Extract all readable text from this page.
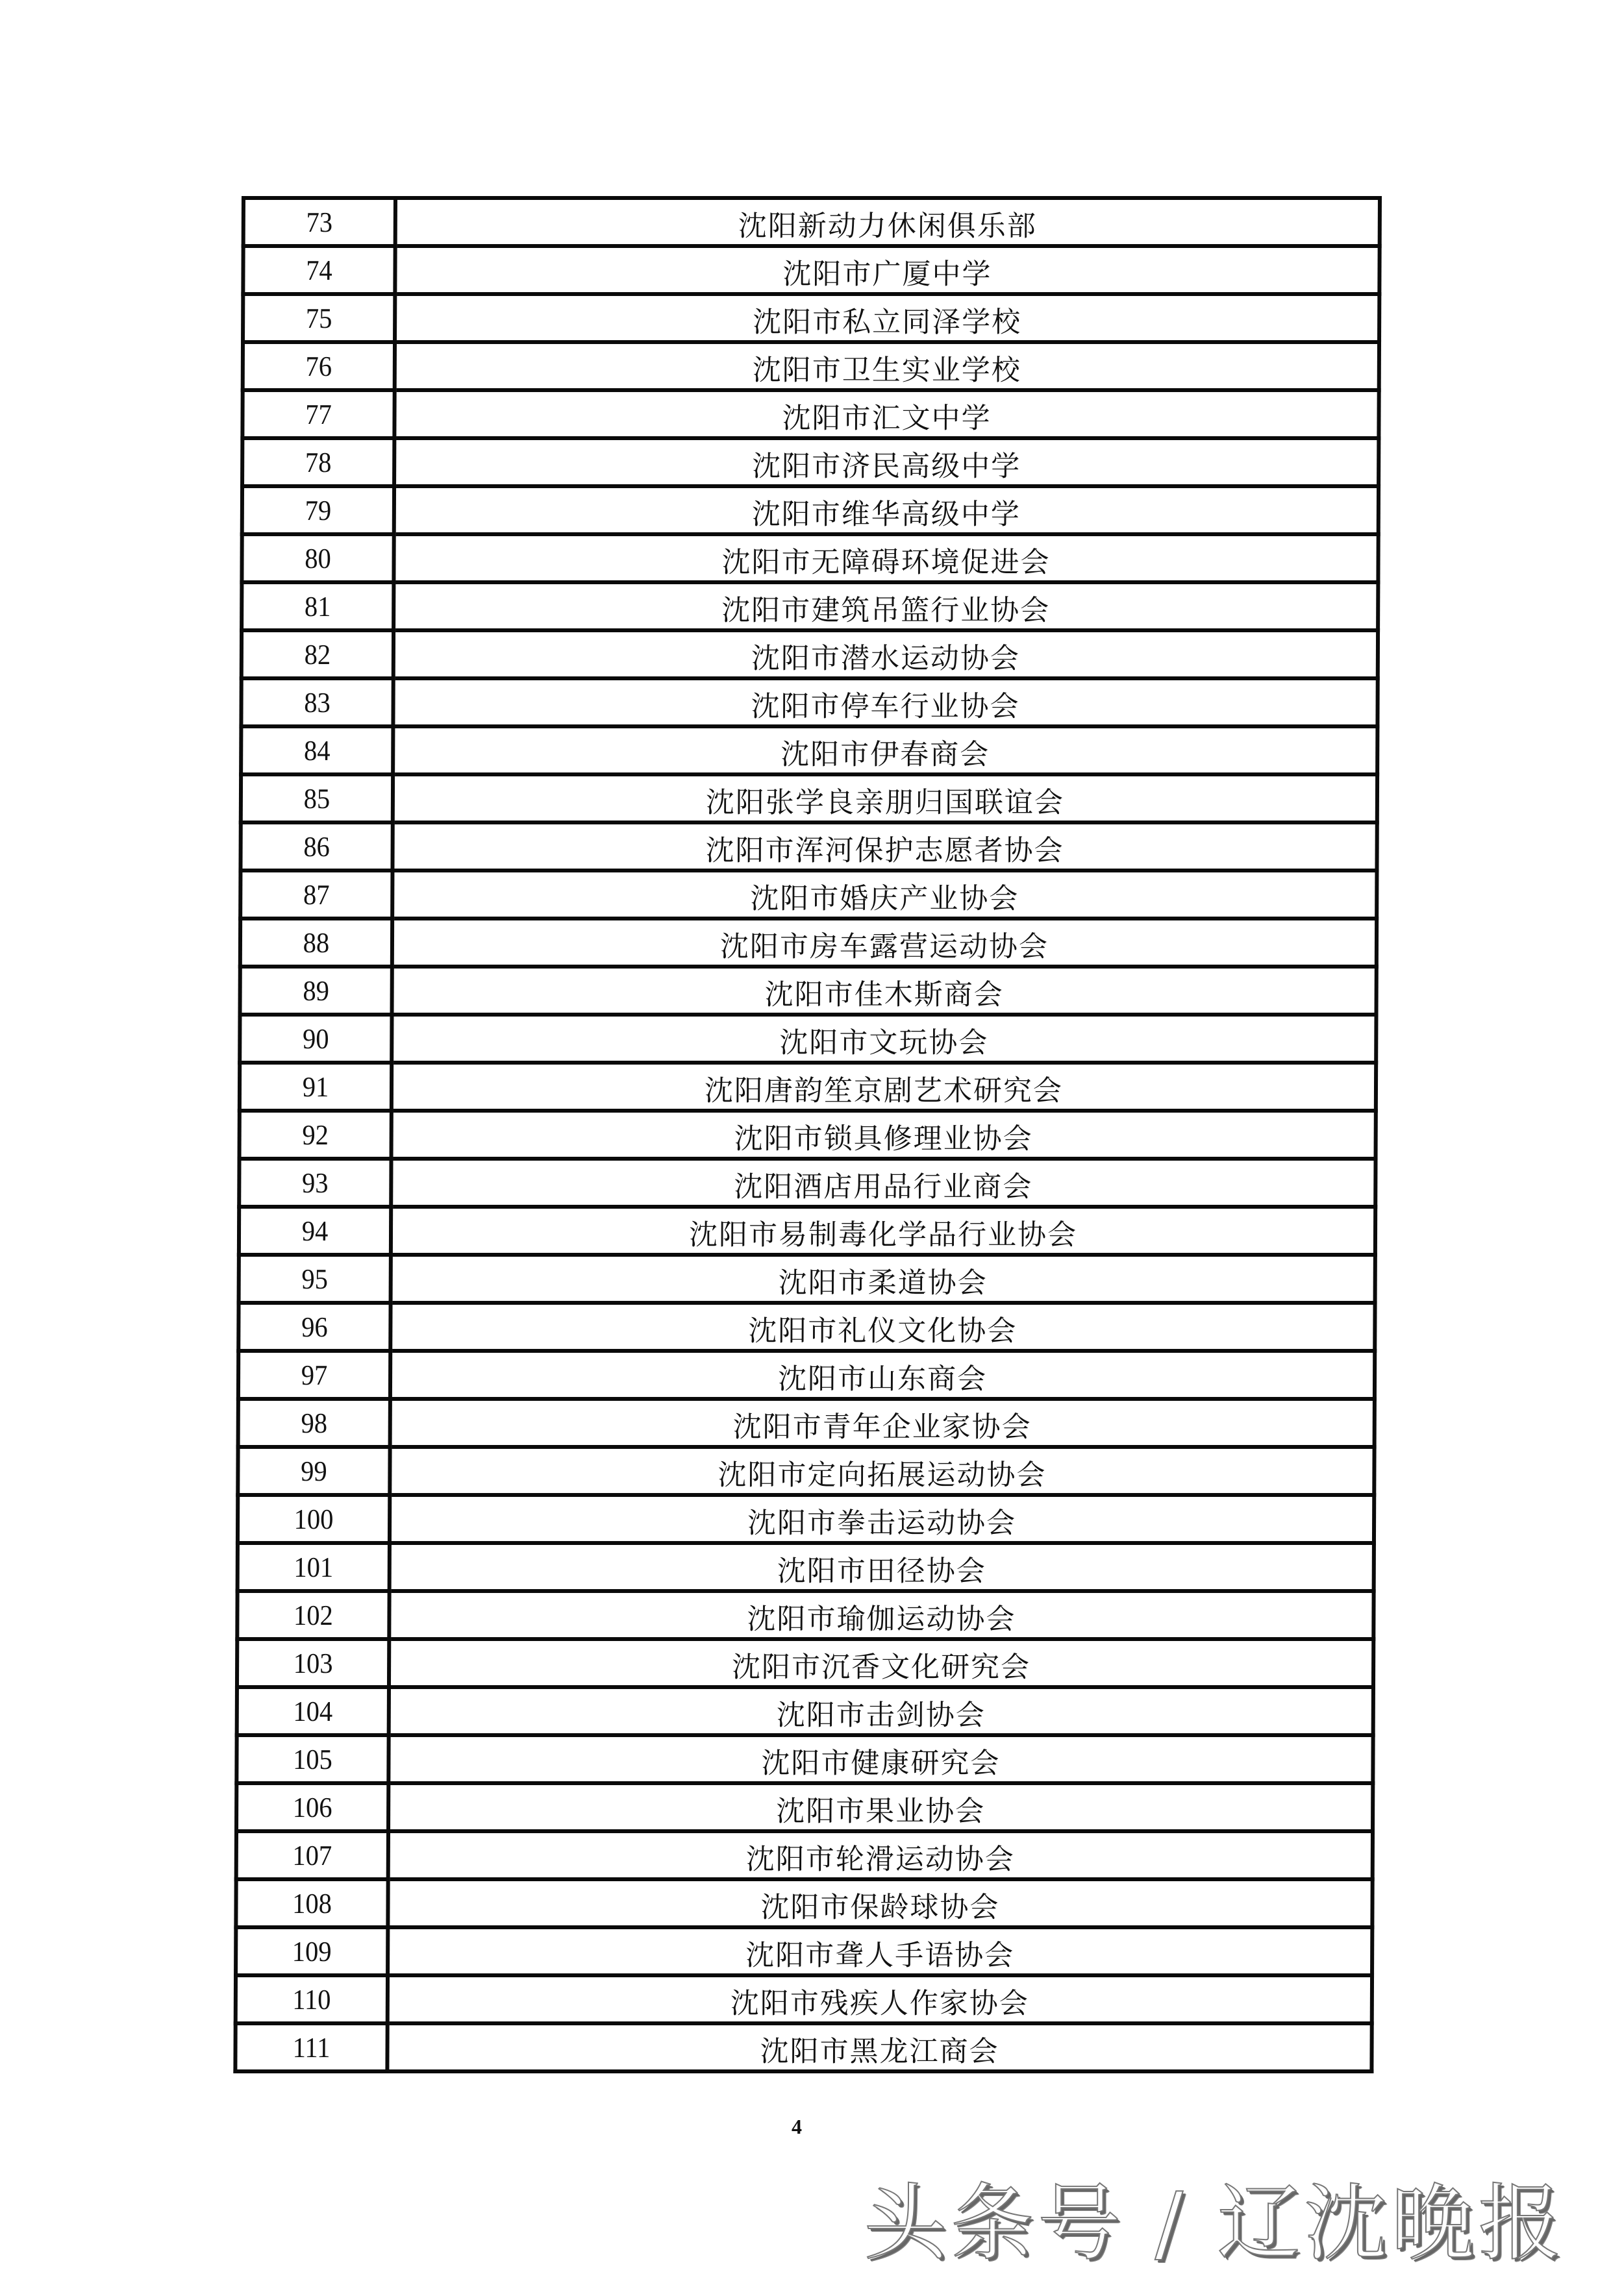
73	沈阳新动力休闲俱乐部
74	沈阳市广厦中学
75	沈阳市私立同泽学校
76	沈阳市卫生实业学校
77	沈阳市汇文中学
78	沈阳市济民高级中学
79	沈阳市维华高级中学
80	沈阳市无障碍环境促进会
81	沈阳市建筑吊篮行业协会
82	沈阳市潜水运动协会
83	沈阳市停车行业协会
84	沈阳市伊春商会
85	沈阳张学良亲朋归国联谊会
86	沈阳市浑河保护志愿者协会
87	沈阳市婚庆产业协会
88	沈阳市房车露营运动协会
89	沈阳市佳木斯商会
90	沈阳市文玩协会
91	沈阳唐韵笙京剧艺术研究会
92	沈阳市锁具修理业协会
93	沈阳酒店用品行业商会
94	沈阳市易制毒化学品行业协会
95	沈阳市柔道协会
96	沈阳市礼仪文化协会
97	沈阳市山东商会
98	沈阳市青年企业家协会
99	沈阳市定向拓展运动协会
100	沈阳市拳击运动协会
101	沈阳市田径协会
102	沈阳市瑜伽运动协会
103	沈阳市沉香文化研究会
104	沈阳市击剑协会
105	沈阳市健康研究会
106	沈阳市果业协会
107	沈阳市轮滑运动协会
108	沈阳市保龄球协会
109	沈阳市聋人手语协会
110	沈阳市残疾人作家协会
111	沈阳市黑龙江商会
4
头条号 / 辽沈晚报
